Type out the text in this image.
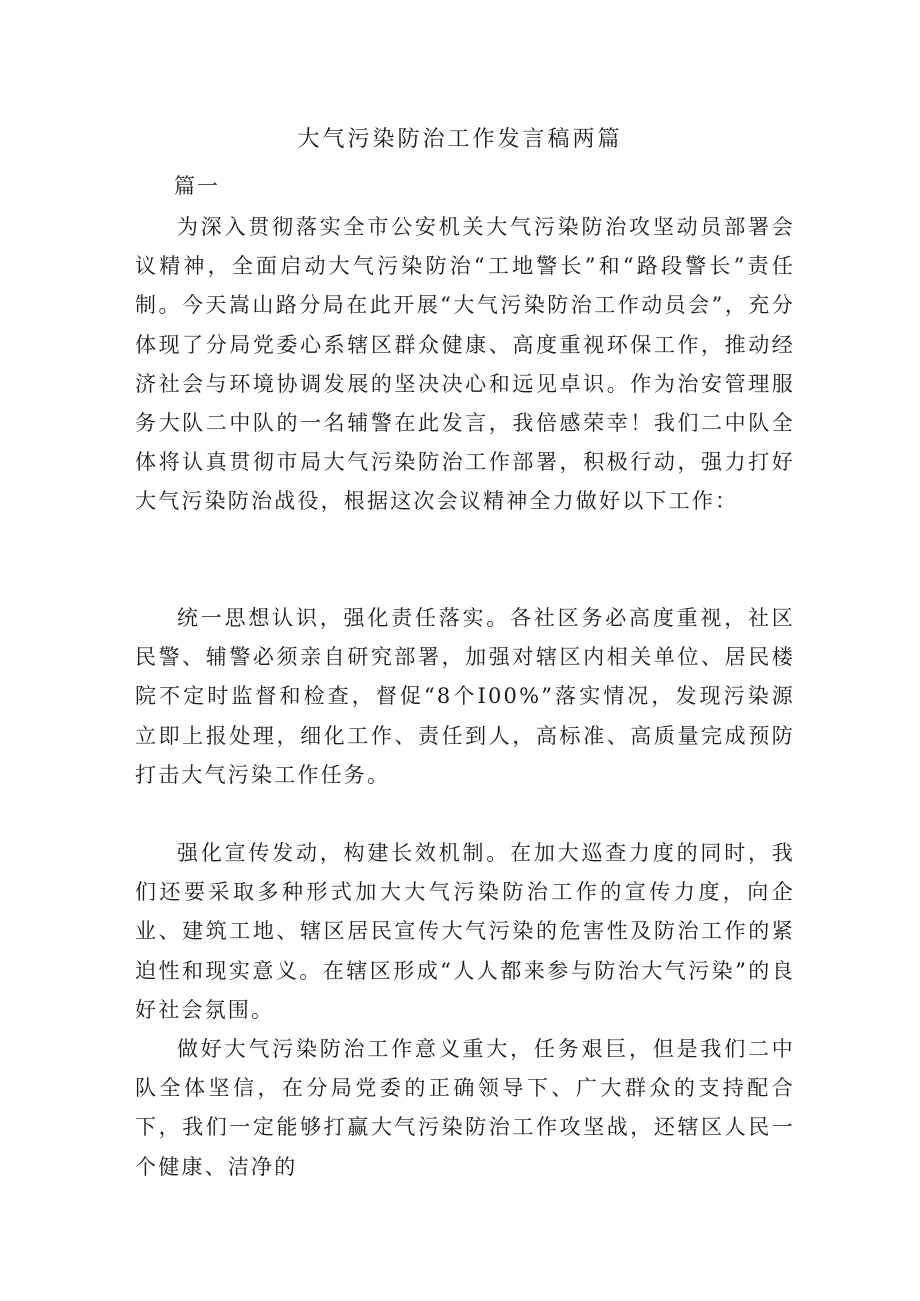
大气污染防治工作发言稿两篇

篇一

为深入贯彻落实全市公安机关大气污染防治攻坚动员部署会议精神，全面启动大气污染防治“工地警长”和“路段警长”责任制。今天嵩山路分局在此开展“大气污染防治工作动员会”，充分体现了分局党委心系辖区群众健康、高度重视环保工作，推动经济社会与环境协调发展的坚决决心和远见卓识。作为治安管理服务大队二中队的一名辅警在此发言，我倍感荣幸！我们二中队全体将认真贯彻市局大气污染防治工作部署，积极行动，强力打好大气污染防治战役，根据这次会议精神全力做好以下工作：

统一思想认识，强化责任落实。各社区务必高度重视，社区民警、辅警必须亲自研究部署，加强对辖区内相关单位、居民楼院不定时监督和检查，督促“8个I00%”落实情况，发现污染源立即上报处理，细化工作、责任到人，高标准、高质量完成预防打击大气污染工作任务。

强化宣传发动，构建长效机制。在加大巡查力度的同时，我们还要采取多种形式加大大气污染防治工作的宣传力度，向企业、建筑工地、辖区居民宣传大气污染的危害性及防治工作的紧迫性和现实意义。在辖区形成“人人都来参与防治大气污染”的良好社会氛围。

做好大气污染防治工作意义重大，任务艰巨，但是我们二中队全体坚信，在分局党委的正确领导下、广大群众的支持配合下，我们一定能够打赢大气污染防治工作攻坚战，还辖区人民一个健康、洁净的
